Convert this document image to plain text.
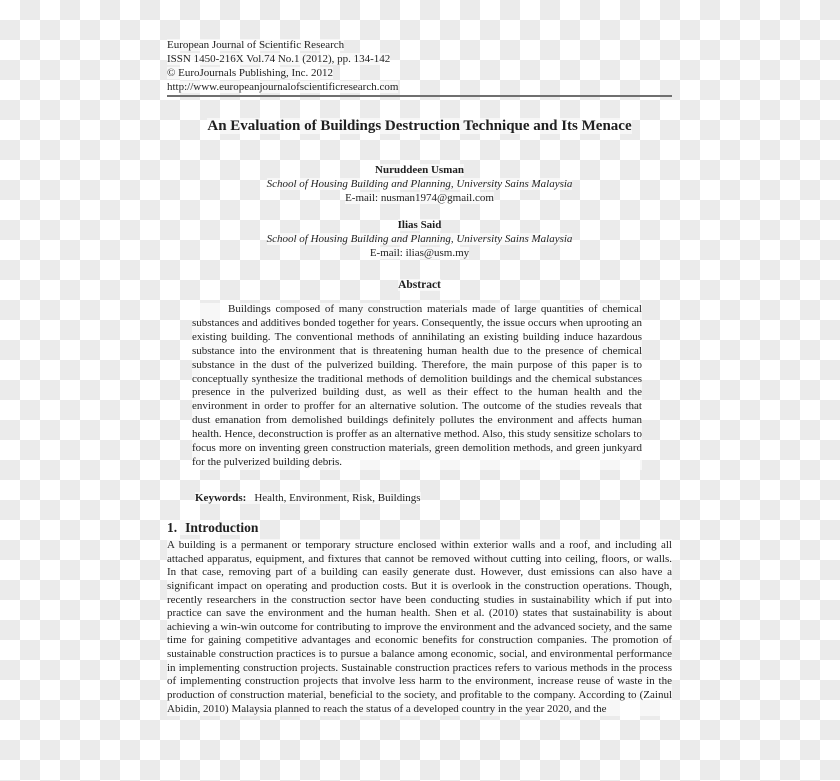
European Journal of Scientific Research
ISSN 1450-216X Vol.74 No.1 (2012), pp. 134-142
© EuroJournals Publishing, Inc. 2012
http://www.europeanjournalofscientificresearch.com
An Evaluation of Buildings Destruction Technique and Its Menace
Nuruddeen Usman
School of Housing Building and Planning, University Sains Malaysia
E-mail: nusman1974@gmail.com
Ilias Said
School of Housing Building and Planning, University Sains Malaysia
E-mail: ilias@usm.my
Abstract

Buildings composed of many construction materials made of large quantities of chemical substances and additives bonded together for years. Consequently, the issue occurs when uprooting an existing building. The conventional methods of annihilating an existing building induce hazardous substance into the environment that is threatening human health due to the presence of chemical substance in the dust of the pulverized building. Therefore, the main purpose of this paper is to conceptually synthesize the traditional methods of demolition buildings and the chemical substances presence in the pulverized building dust, as well as their effect to the human health and the environment in order to proffer for an alternative solution. The outcome of the studies reveals that dust emanation from demolished buildings definitely pollutes the environment and affects human health. Hence, deconstruction is proffer as an alternative method. Also, this study sensitize scholars to focus more on inventing green construction materials, green demolition methods, and green junkyard for the pulverized building debris.

Keywords: Health, Environment, Risk, Buildings
1. Introduction

A building is a permanent or temporary structure enclosed within exterior walls and a roof, and including all attached apparatus, equipment, and fixtures that cannot be removed without cutting into ceiling, floors, or walls. In that case, removing part of a building can easily generate dust. However, dust emissions can also have a significant impact on operating and production costs. But it is overlook in the construction operations. Though, recently researchers in the construction sector have been conducting studies in sustainability which if put into practice can save the environment and the human health. Shen et al. (2010) states that sustainability is about achieving a win-win outcome for contributing to improve the environment and the advanced society, and the same time for gaining competitive advantages and economic benefits for construction companies. The promotion of sustainable construction practices is to pursue a balance among economic, social, and environmental performance in implementing construction projects. Sustainable construction practices refers to various methods in the process of implementing construction projects that involve less harm to the environment, increase reuse of waste in the production of construction material, beneficial to the society, and profitable to the company. According to (Zainul Abidin, 2010) Malaysia planned to reach the status of a developed country in the year 2020, and the
